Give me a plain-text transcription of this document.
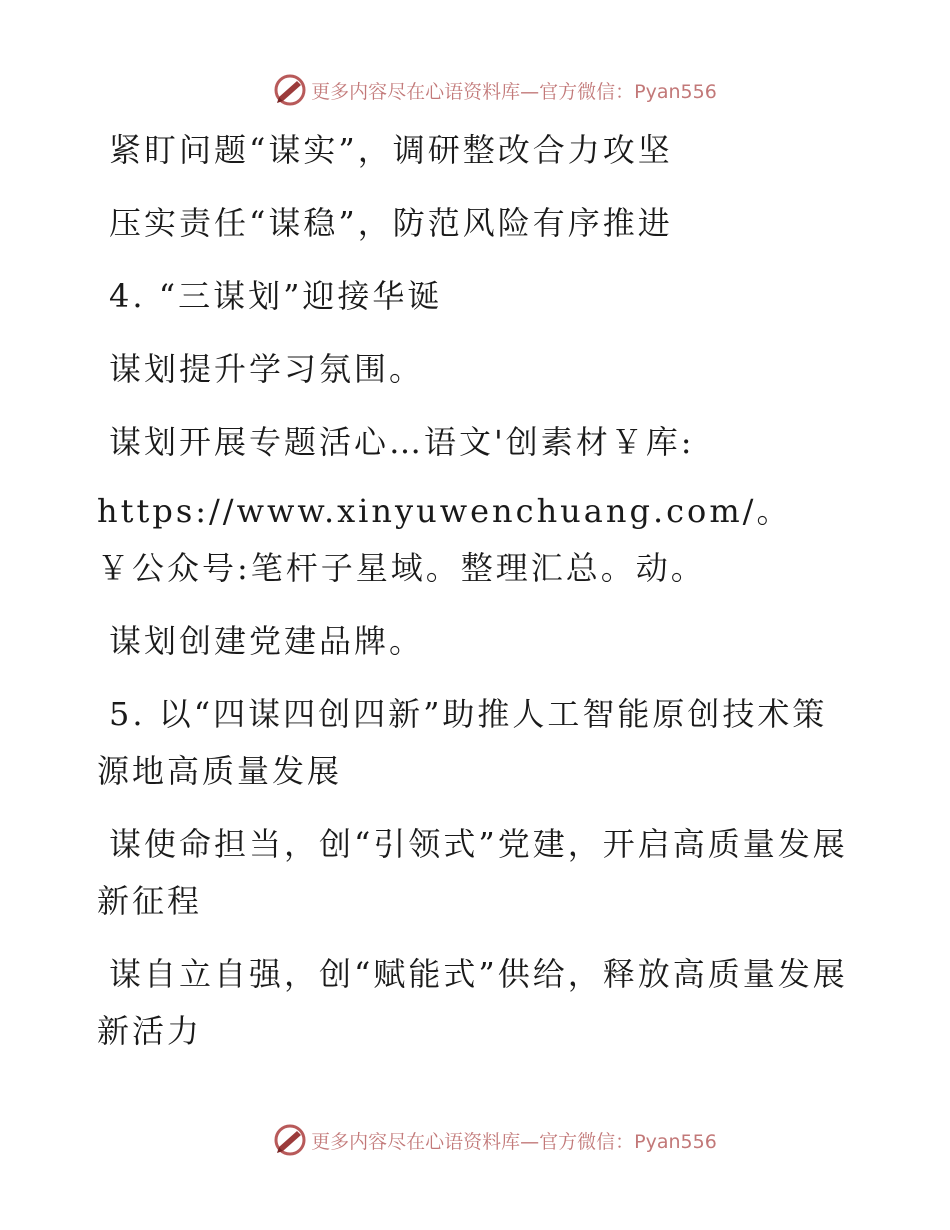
更多内容尽在心语资料库—官方微信：Pyan556

紧盯问题“谋实”，调研整改合力攻坚

压实责任“谋稳”，防范风险有序推进

4. “三谋划”迎接华诞

谋划提升学习氛围。

谋划开展专题活心…语文'创素材￥库:

https://www.xinyuwenchuang.com/。￥公众号:笔杆子星域。整理汇总。动。

谋划创建党建品牌。

5. 以“四谋四创四新”助推人工智能原创技术策源地高质量发展

谋使命担当，创“引领式”党建，开启高质量发展新征程

谋自立自强，创“赋能式”供给，释放高质量发展新活力

更多内容尽在心语资料库—官方微信：Pyan556
